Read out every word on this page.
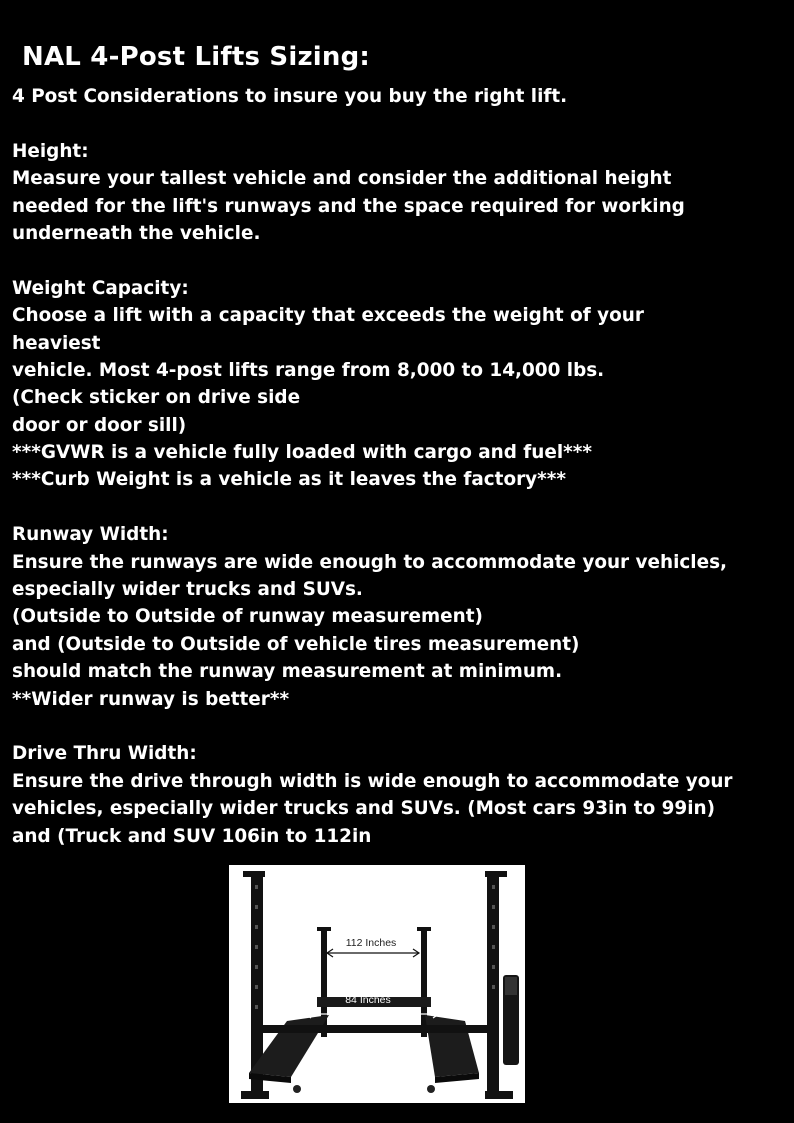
NAL 4-Post Lifts Sizing:
4 Post Considerations to insure you buy the right lift.
Height:
Measure your tallest vehicle and consider the additional height
needed for the lift's runways and the space required for working
underneath the vehicle.
Weight Capacity:
Choose a lift with a capacity that exceeds the weight of your
heaviest
vehicle. Most 4-post lifts range from 8,000 to 14,000 lbs.
(Check sticker on drive side
door or door sill)
***GVWR is a vehicle fully loaded with cargo and fuel***
***Curb Weight is a vehicle as it leaves the factory***
Runway Width:
Ensure the runways are wide enough to accommodate your vehicles,
especially wider trucks and SUVs.
(Outside to Outside of runway measurement)
and (Outside to Outside of vehicle tires measurement)
should match the runway measurement at minimum.
**Wider runway is better**
Drive Thru Width:
Ensure the drive through width is wide enough to accommodate your
vehicles, especially wider trucks and SUVs. (Most cars 93in to 99in)
and (Truck and SUV 106in to 112in
112 Inches
84 Inches
